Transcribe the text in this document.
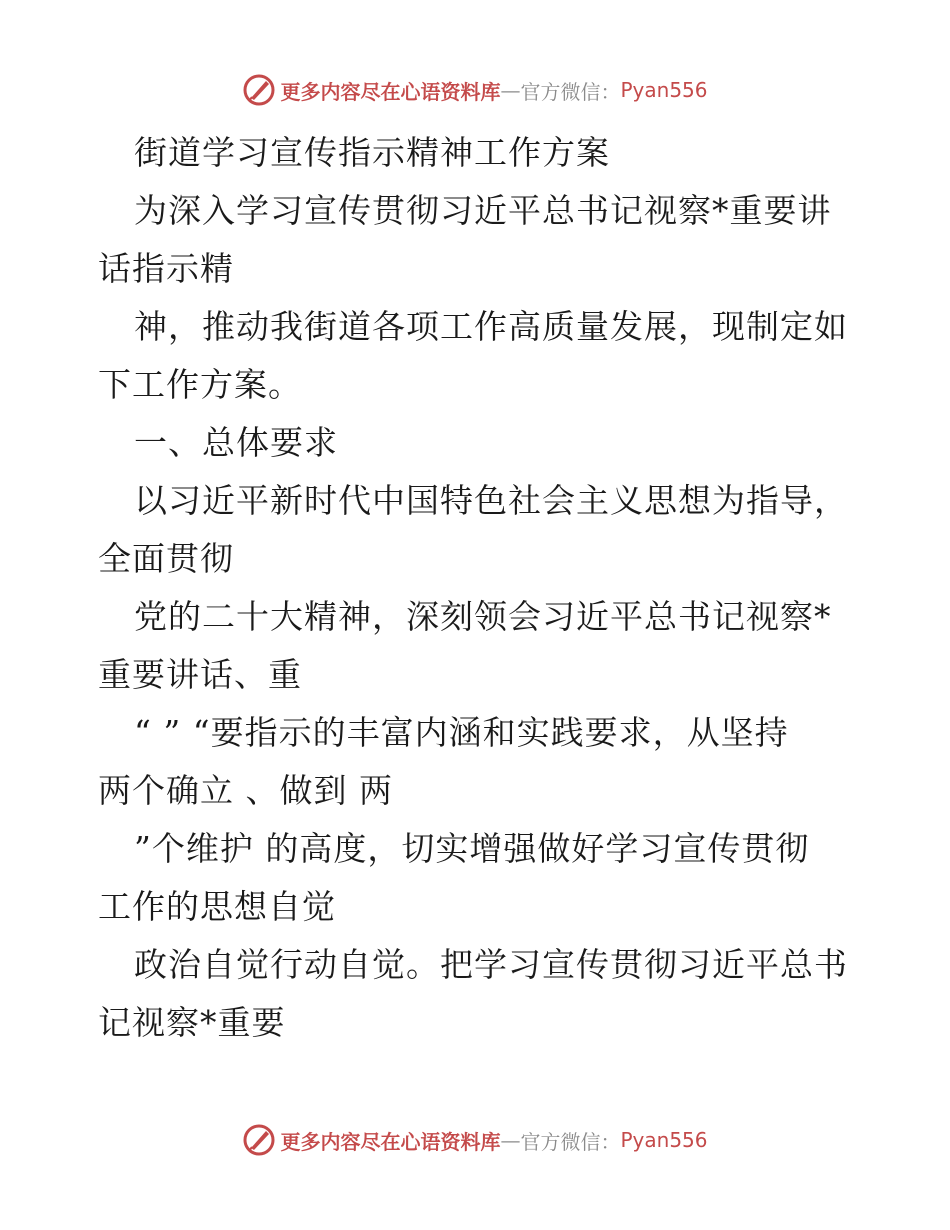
更多内容尽在心语资料库 — 官方微信： Pyan556
街道学习宣传指示精神工作方案
为深入学习宣传贯彻习近平总书记视察*重要讲
话指示精
神，推动我街道各项工作高质量发展，现制定如
下工作方案。
一、总体要求
以习近平新时代中国特色社会主义思想为指导，
全面贯彻
党的二十大精神，深刻领会习近平总书记视察*
重要讲话、重
“ ” “要指示的丰富内涵和实践要求，从坚持
两个确立 、做到 两
”个维护 的高度，切实增强做好学习宣传贯彻
工作的思想自觉
政治自觉行动自觉。把学习宣传贯彻习近平总书
记视察*重要
更多内容尽在心语资料库 — 官方微信： Pyan556
